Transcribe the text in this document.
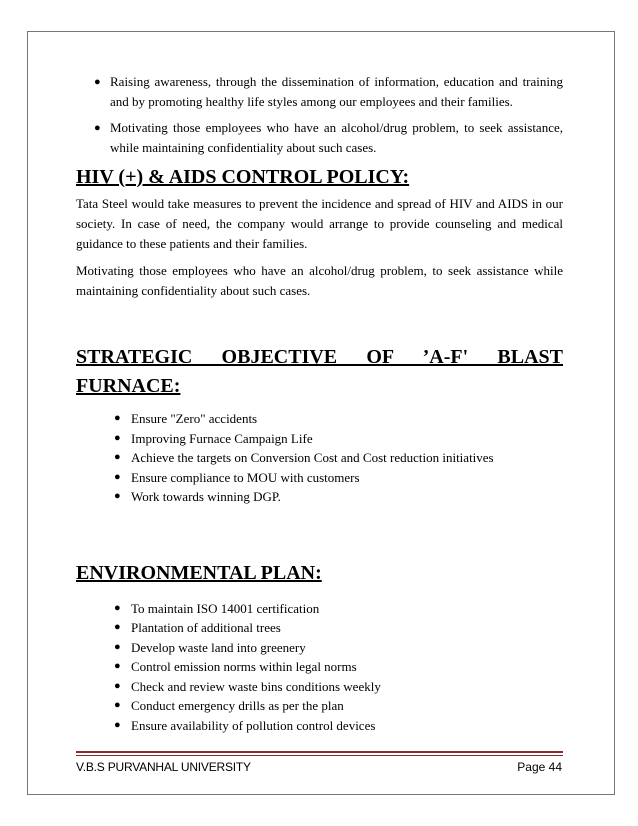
● Raising awareness, through the dissemination of information, education and training and by promoting healthy life styles among our employees and their families.
● Motivating those employees who have an alcohol/drug problem, to seek assistance, while maintaining confidentiality about such cases.
HIV (+) & AIDS CONTROL POLICY:

Tata Steel would take measures to prevent the incidence and spread of HIV and AIDS in our society. In case of need, the company would arrange to provide counseling and medical guidance to these patients and their families.

Motivating those employees who have an alcohol/drug problem, to seek assistance while maintaining confidentiality about such cases.

STRATEGIC OBJECTIVE OF ’A-F' BLAST
FURNACE:
● Ensure "Zero" accidents
● Improving Furnace Campaign Life
● Achieve the targets on Conversion Cost and Cost reduction initiatives
● Ensure compliance to MOU with customers
● Work towards winning DGP.
ENVIRONMENTAL PLAN:
● To maintain ISO 14001 certification
● Plantation of additional trees
● Develop waste land into greenery
● Control emission norms within legal norms
● Check and review waste bins conditions weekly
● Conduct emergency drills as per the plan
● Ensure availability of pollution control devices
V.B.S PURVANHAL UNIVERSITY	Page 44
